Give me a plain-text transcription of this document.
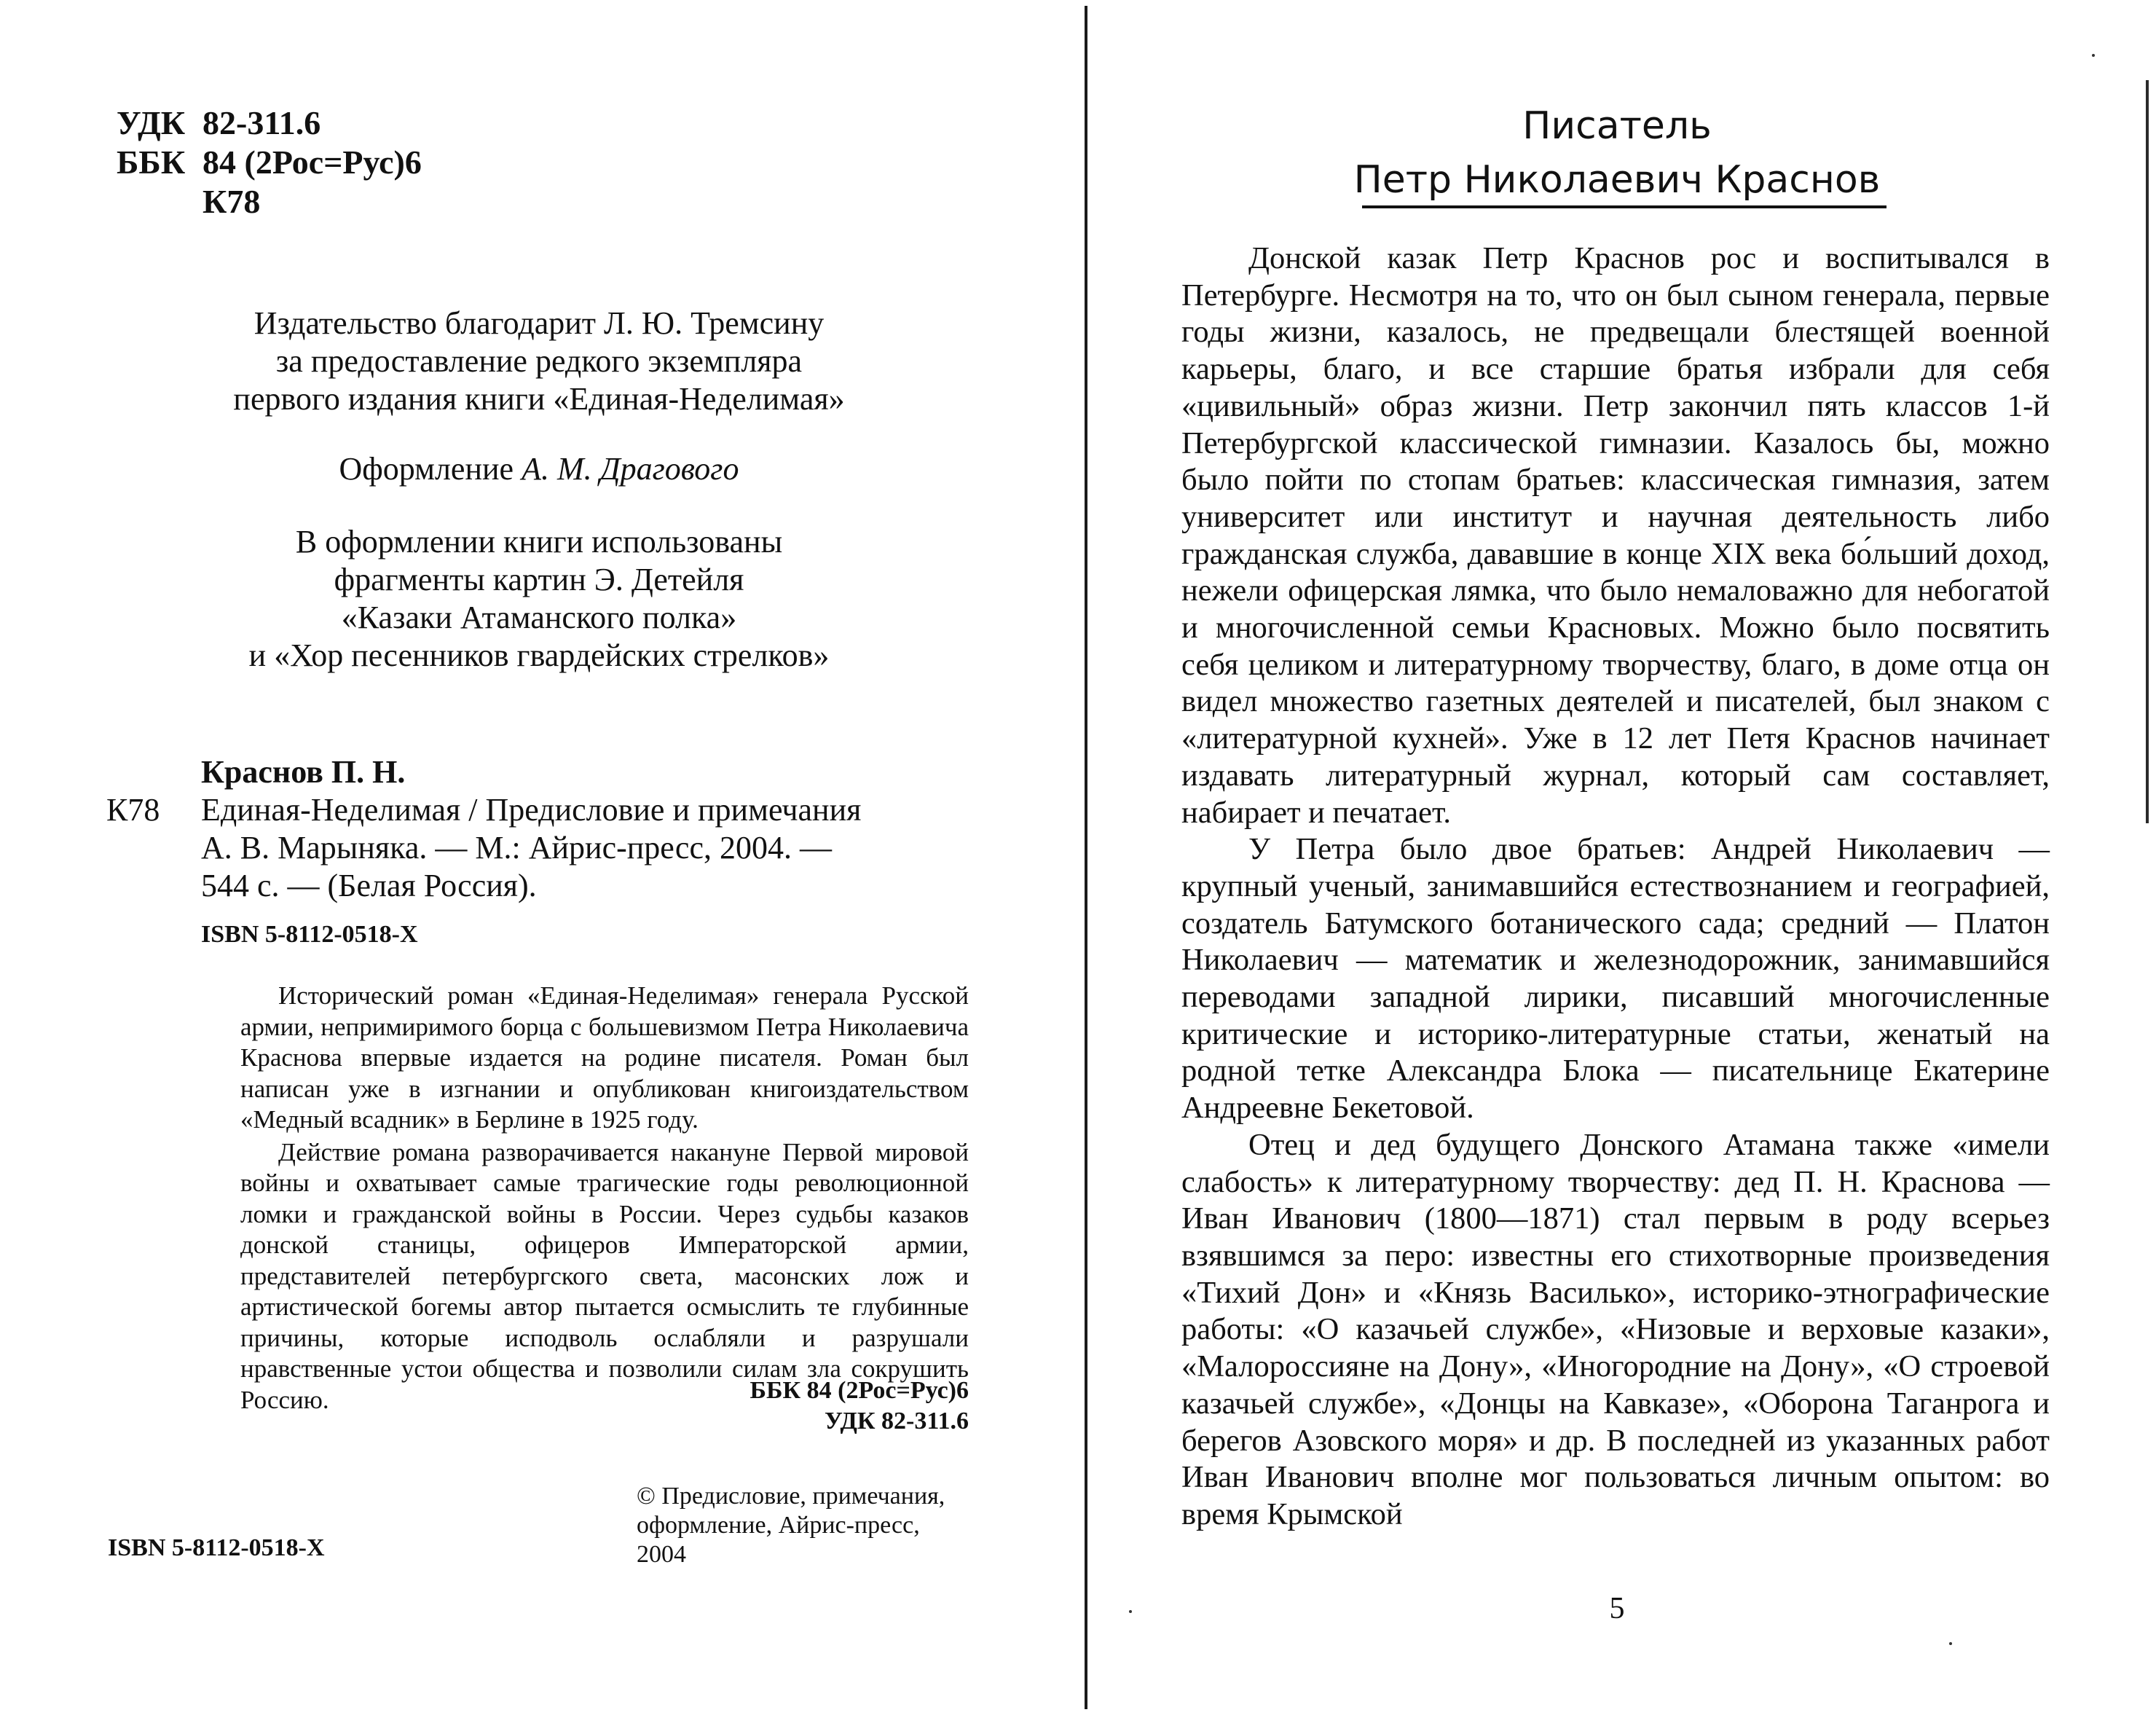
УДК 82-311.6
ББК 84 (2Рос=Рус)6
К78
Издательство благодарит Л. Ю. Тремсину
за предоставление редкого экземпляра
первого издания книги «Единая-Неделимая»
Оформление А. М. Драгового
В оформлении книги использованы
фрагменты картин Э. Детейля
«Казаки Атаманского полка»
и «Хор песенников гвардейских стрелков»
Краснов П. Н.
К78	Единая-Неделимая / Предисловие и примечания
А. В. Марыняка. — М.: Айрис-пресс, 2004. —
544 с. — (Белая Россия).
ISBN 5-8112-0518-X

Исторический роман «Единая-Неделимая» генерала Русской армии, непримиримого борца с большевизмом Петра Николаевича Краснова впервые издается на родине писателя. Роман был написан уже в изгнании и опубликован книгоиздательством «Медный всадник» в Берлине в 1925 году.

Действие романа разворачивается накануне Первой мировой войны и охватывает самые трагические годы революционной ломки и гражданской войны в России. Через судьбы казаков донской станицы, офицеров Императорской армии, представителей петербургского света, масонских лож и артистической богемы автор пытается осмыслить те глубинные причины, которые исподволь ослабляли и разрушали нравственные устои общества и позволили силам зла сокрушить Россию.	ББК 84 (2Рос=Рус)6
УДК 82-311.6
© Предисловие, примечания,
оформление, Айрис-пресс,
2004
ISBN 5-8112-0518-X
Писатель
Петр Николаевич Краснов

Донской казак Петр Краснов рос и воспитывался в Петербурге. Несмотря на то, что он был сыном генерала, первые годы жизни, казалось, не предвещали блестящей военной карьеры, благо, и все старшие братья избрали для себя «цивильный» образ жизни. Петр закончил пять классов 1-й Петербургской классической гимназии. Казалось бы, можно было пойти по стопам братьев: классическая гимназия, затем университет или институт и научная деятельность либо гражданская служба, дававшие в конце XIX века бо́льший доход, нежели офицерская лямка, что было немаловажно для небогатой и многочисленной семьи Красновых. Можно было посвятить себя целиком и литературному творчеству, благо, в доме отца он видел множество газетных деятелей и писателей, был знаком с «литературной кухней». Уже в 12 лет Петя Краснов начинает издавать литературный журнал, который сам составляет, набирает и печатает.

У Петра было двое братьев: Андрей Николаевич — крупный ученый, занимавшийся естествознанием и географией, создатель Батумского ботанического сада; средний — Платон Николаевич — математик и железнодорожник, занимавшийся переводами западной лирики, писавший многочисленные критические и историко-литературные статьи, женатый на родной тетке Александра Блока — писательнице Екатерине Андреевне Бекетовой.

Отец и дед будущего Донского Атамана также «имели слабость» к литературному творчеству: дед П. Н. Краснова — Иван Иванович (1800—1871) стал первым в роду всерьез взявшимся за перо: известны его стихотворные произведения «Тихий Дон» и «Князь Василько», историко-этнографические работы: «О казачьей службе», «Низовые и верховые казаки», «Малороссияне на Дону», «Иногородние на Дону», «О строевой казачьей службе», «Донцы на Кавказе», «Оборона Таганрога и берегов Азовского моря» и др. В последней из указанных работ Иван Иванович вполне мог пользоваться личным опытом: во время Крымской

5
